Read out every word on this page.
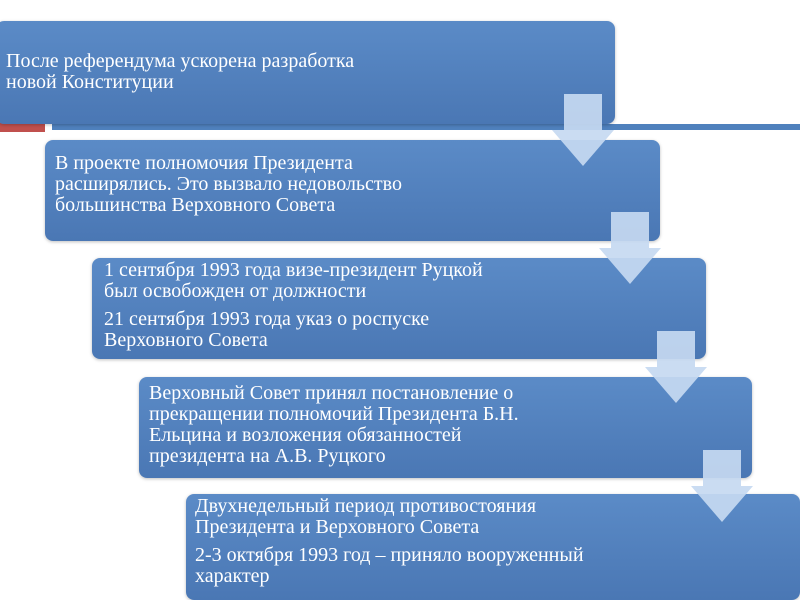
После референдума ускорена разработка
новой Конституции

В проекте полномочия Президента
расширялись. Это вызвало недовольство
большинства Верховного Совета

1 сентября 1993 года визе-президент Руцкой
был освобожден от должности

21 сентября 1993 года указ о роспуске
Верховного Совета

Верховный Совет принял постановление о
прекращении полномочий Президента Б.Н.
Ельцина и возложения обязанностей
президента на А.В. Руцкого

Двухнедельный период противостояния
Президента и Верховного Совета

2-3 октября 1993 год – приняло вооруженный
характер
